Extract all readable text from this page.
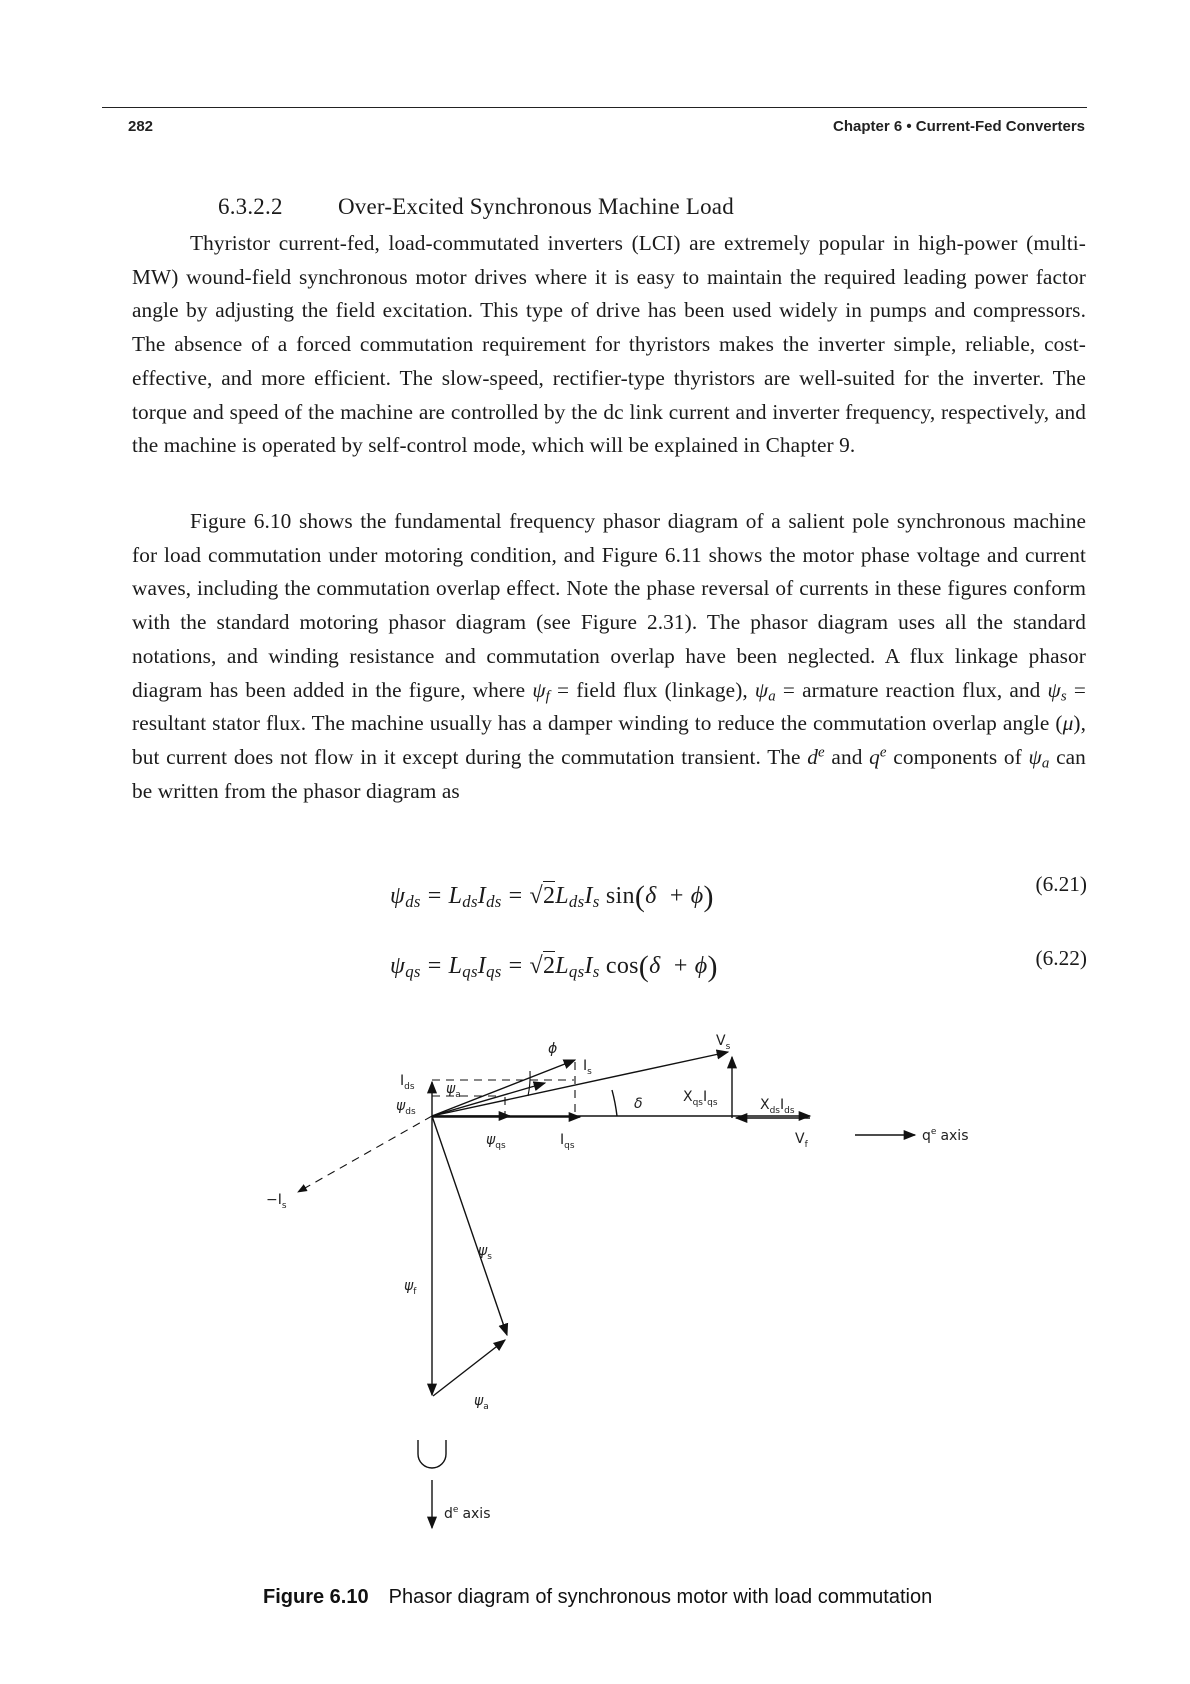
282	Chapter 6 • Current-Fed Converters
6.3.2.2 Over-Excited Synchronous Machine Load

Thyristor current-fed, load-commutated inverters (LCI) are extremely popular in high-power (multi-MW) wound-field synchronous motor drives where it is easy to maintain the required leading power factor angle by adjusting the field excitation. This type of drive has been used widely in pumps and compressors. The absence of a forced commutation requirement for thyristors makes the inverter simple, reliable, cost-effective, and more efficient. The slow-speed, rectifier-type thyristors are well-suited for the inverter. The torque and speed of the machine are controlled by the dc link current and inverter frequency, respectively, and the machine is operated by self-control mode, which will be explained in Chapter 9.

Figure 6.10 shows the fundamental frequency phasor diagram of a salient pole synchronous machine for load commutation under motoring condition, and Figure 6.11 shows the motor phase voltage and current waves, including the commutation overlap effect. Note the phase reversal of currents in these figures conform with the standard motoring phasor diagram (see Figure 2.31). The phasor diagram uses all the standard notations, and winding resistance and commutation overlap have been neglected. A flux linkage phasor diagram has been added in the figure, where $\psi_f$ = field flux (linkage), $\psi_a$ = armature reaction flux, and $\psi_s$ = resultant stator flux. The machine usually has a damper winding to reduce the commutation overlap angle (μ), but current does not flow in it except during the commutation transient. The $d^e$ and $q^e$ components of $\psi_a$ can be written from the phasor diagram as

$\psi_{ds} = L_{ds}I_{ds} = √2L_{ds}I_s$ sin(δ + ϕ)	(6.21)
$\psi_{qs} = L_{qs}I_{qs} = √2L_{qs}I_s$ cos(δ + ϕ)	(6.22)
ϕ	$V_s$
$I_{ds}$
$I_s$
$\psi_a$
$\psi_{ds}$	δ	$X_{qs}I_{qs}$	$X_{ds}I_{ds}$
$q^e$ axis
$V_f$
$\psi_{qs}$	$I_{qs}$
$-I_s$
$\psi_s$
$\psi_f$
$\psi_a$
$d^e$ axis
Figure 6.10 Phasor diagram of synchronous motor with load commutation
